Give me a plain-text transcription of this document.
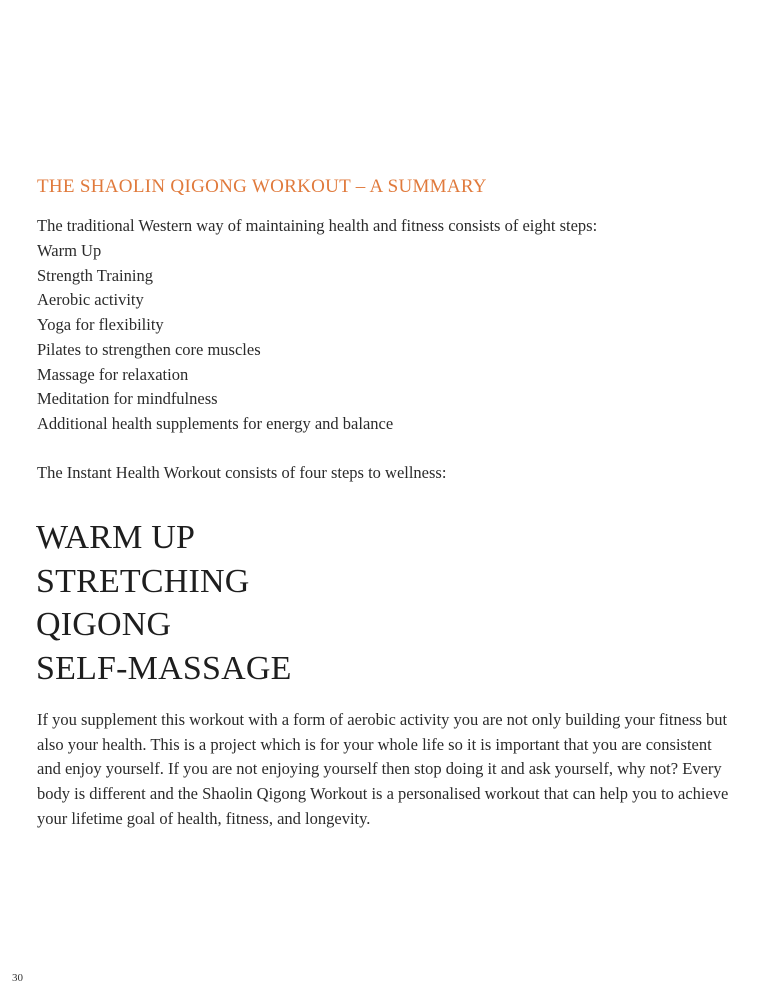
THE SHAOLIN QIGONG WORKOUT – A SUMMARY

The traditional Western way of maintaining health and fitness consists of eight steps:

Warm Up
Strength Training
Aerobic activity
Yoga for flexibility
Pilates to strengthen core muscles
Massage for relaxation
Meditation for mindfulness
Additional health supplements for energy and balance

The Instant Health Workout consists of four steps to wellness:

WARM UP
STRETCHING
QIGONG
SELF-MASSAGE

If you supplement this workout with a form of aerobic activity you are not only building your fitness but also your health. This is a project which is for your whole life so it is important that you are consistent and enjoy yourself. If you are not enjoying yourself then stop doing it and ask yourself, why not? Every body is different and the Shaolin Qigong Workout is a personalised workout that can help you to achieve your lifetime goal of health, fitness, and longevity.

30
